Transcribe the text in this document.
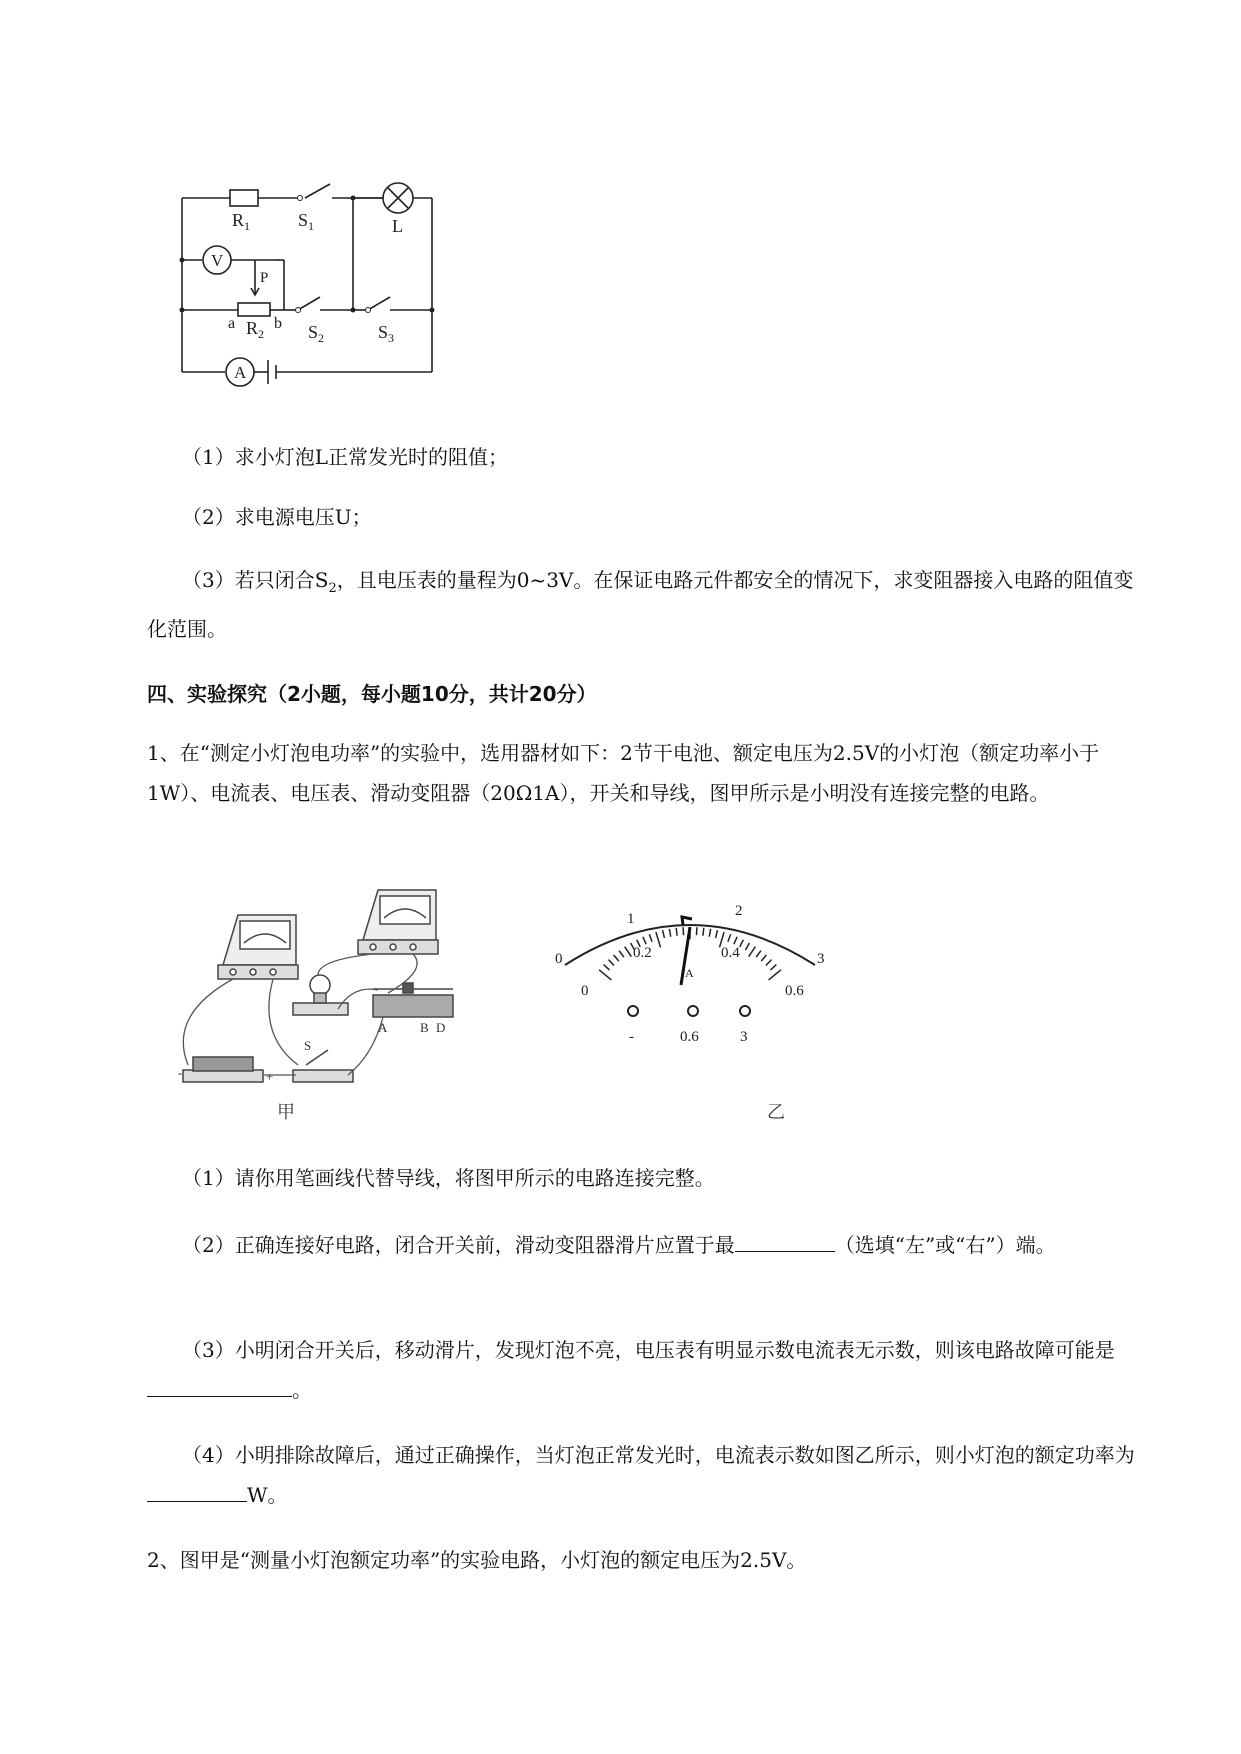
$R_1$	$S_1$	L
V
P
a $R_2$
b $S_2$	$S_3$
A
（1）求小灯泡L正常发光时的阻值；
（2）求电源电压U；
（3）若只闭合$S_2$，且电压表的量程为0~3V。在保证电路元件都安全的情况下，求变阻器接入电路的阻值变化范围。
四、实验探究（2小题，每小题10分，共计20分）
1、在“测定小灯泡电功率”的实验中，选用器材如下：2节干电池、额定电压为2.5V的小灯泡（额定功率小于1W）、电流表、电压表、滑动变阻器（20Ω1A），开关和导线，图甲所示是小明没有连接完整的电路。
-	+
S
A	B D
甲
0
1	2
3
0
0.2	0.4
0.6
A
-	0.6	3
乙
（1）请你用笔画线代替导线，将图甲所示的电路连接完整。
（2）正确连接好电路，闭合开关前，滑动变阻器滑片应置于最	（选填“左”或“右”）端。
（3）小明闭合开关后，移动滑片，发现灯泡不亮，电压表有明显示数电流表无示数，则该电路故障可能是。
（4）小明排除故障后，通过正确操作，当灯泡正常发光时，电流表示数如图乙所示，则小灯泡的额定功率为W。
2、图甲是“测量小灯泡额定功率”的实验电路，小灯泡的额定电压为2.5V。
